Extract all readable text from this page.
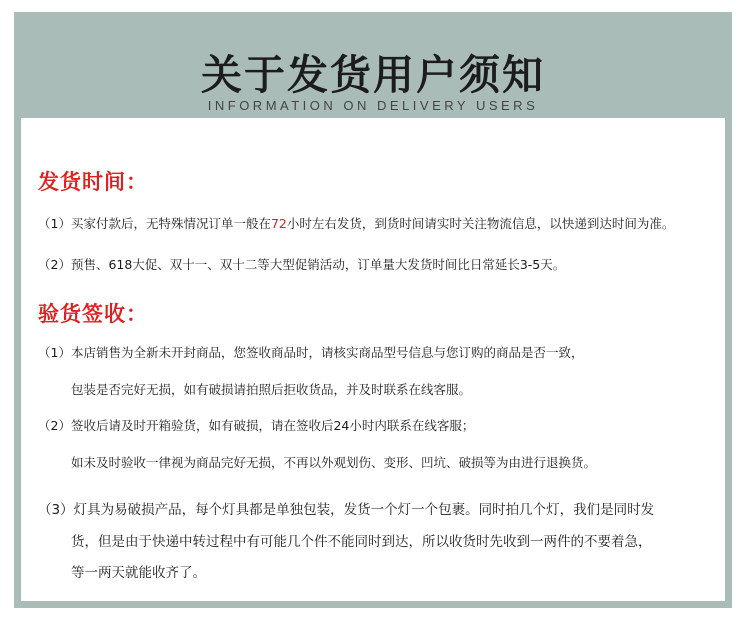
关于发货用户须知
INFORMATION ON DELIVERY USERS
发货时间：
（1）买家付款后，无特殊情况订单一般在72小时左右发货，到货时间请实时关注物流信息，以快递到达时间为准。
（2）预售、618大促、双十一、双十二等大型促销活动，订单量大发货时间比日常延长3-5天。
验货签收：
（1）本店销售为全新未开封商品，您签收商品时，请核实商品型号信息与您订购的商品是否一致，
包装是否完好无损，如有破损请拍照后拒收货品，并及时联系在线客服。
（2）签收后请及时开箱验货，如有破损，请在签收后24小时内联系在线客服；
如未及时验收一律视为商品完好无损，不再以外观划伤、变形、凹坑、破损等为由进行退换货。
（3）灯具为易破损产品，每个灯具都是单独包装，发货一个灯一个包裹。同时拍几个灯，我们是同时发
货，但是由于快递中转过程中有可能几个件不能同时到达，所以收货时先收到一两件的不要着急，
等一两天就能收齐了。
